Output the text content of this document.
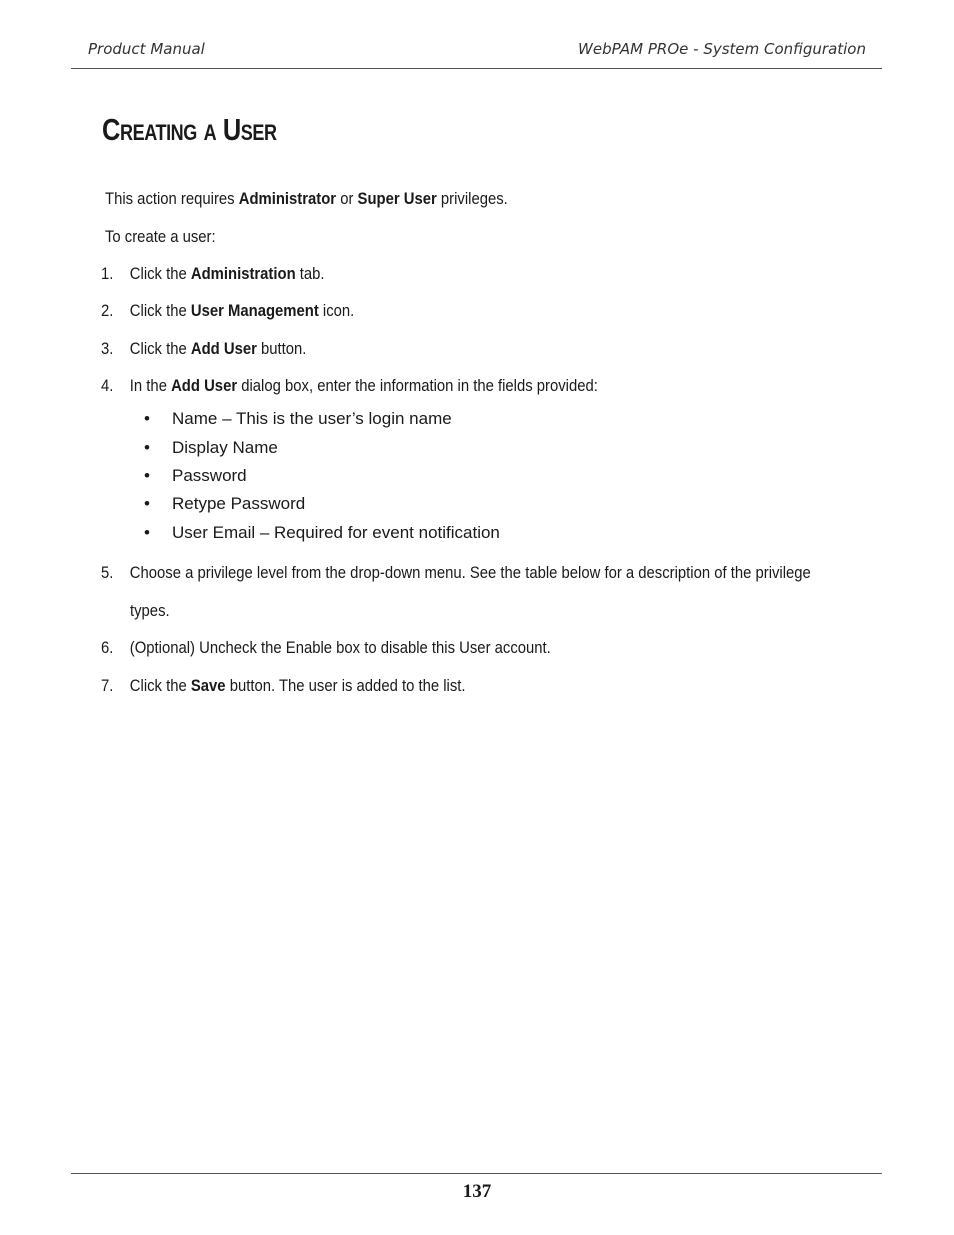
Product Manual	WebPAM PROe - System Configuration
Creating a User
This action requires Administrator or Super User privileges.
To create a user:
1. Click the Administration tab.
2. Click the User Management icon.
3. Click the Add User button.
4. In the Add User dialog box, enter the information in the fields provided:
• Name – This is the user’s login name
• Display Name
• Password
• Retype Password
• User Email – Required for event notification
5. Choose a privilege level from the drop-down menu. See the table below for a description of the privilege
types.
6. (Optional) Uncheck the Enable box to disable this User account.
7. Click the Save button. The user is added to the list.
137
